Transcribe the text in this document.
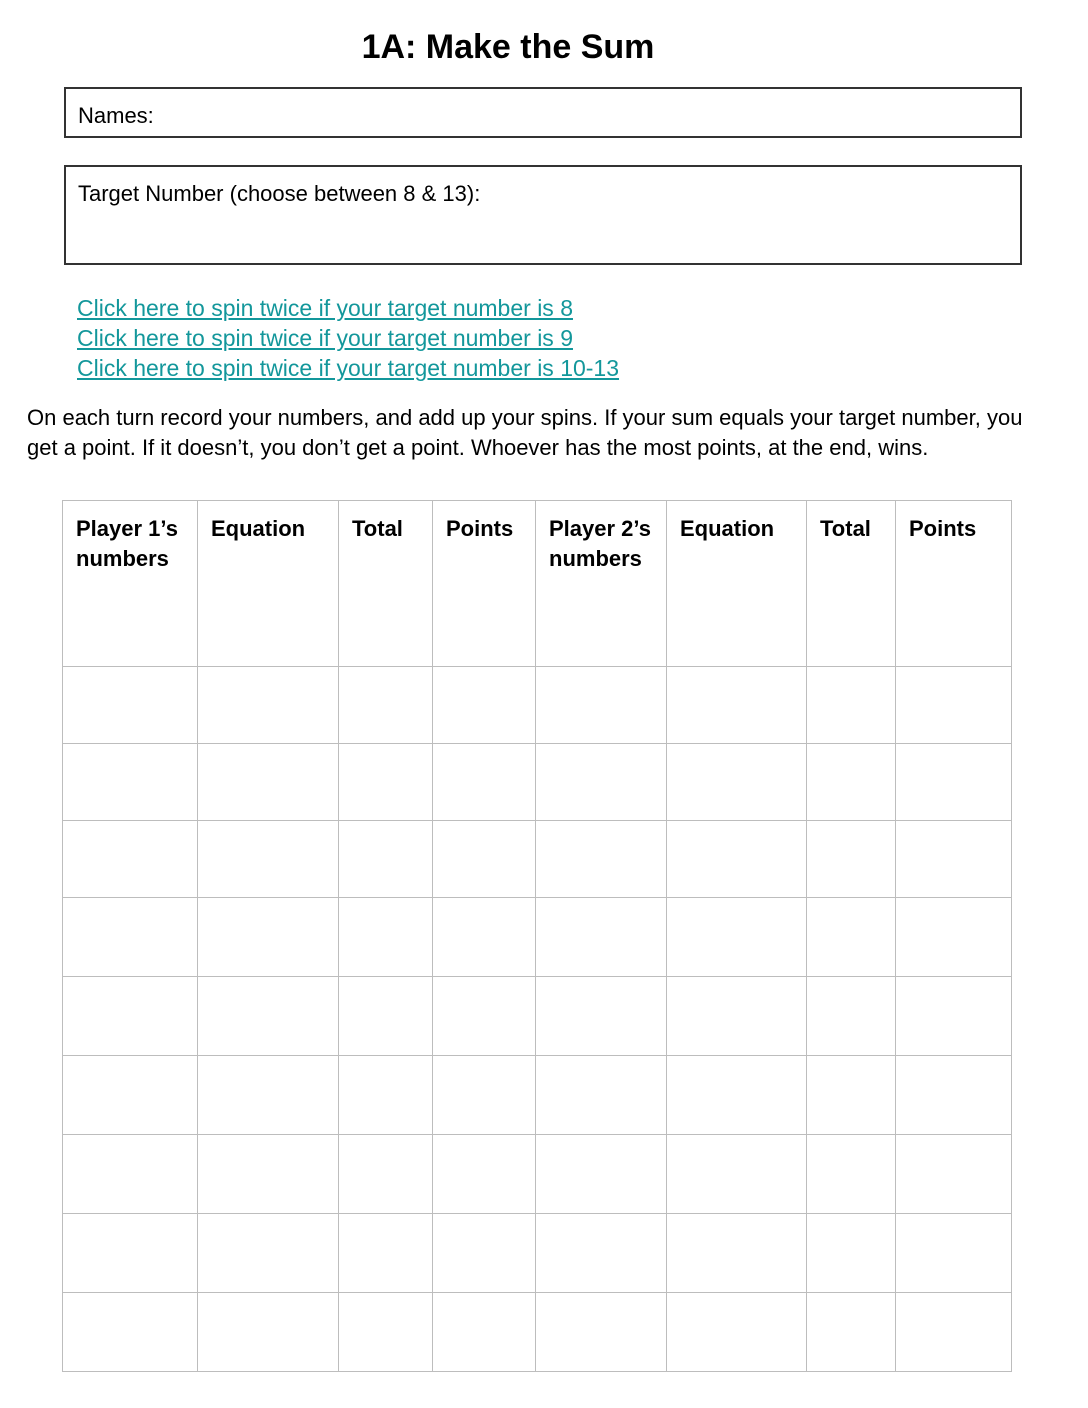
1A: Make the Sum
Names:
Target Number (choose between 8 & 13):
Click here to spin twice if your target number is 8
Click here to spin twice if your target number is 9
Click here to spin twice if your target number is 10-13

On each turn record your numbers, and add up your spins. If your sum equals your target number, you get a point. If it doesn’t, you don’t get a point. Whoever has the most points, at the end, wins.

Player 1’s numbers	Equation	Total	Points	Player 2’s numbers	Equation	Total	Points
